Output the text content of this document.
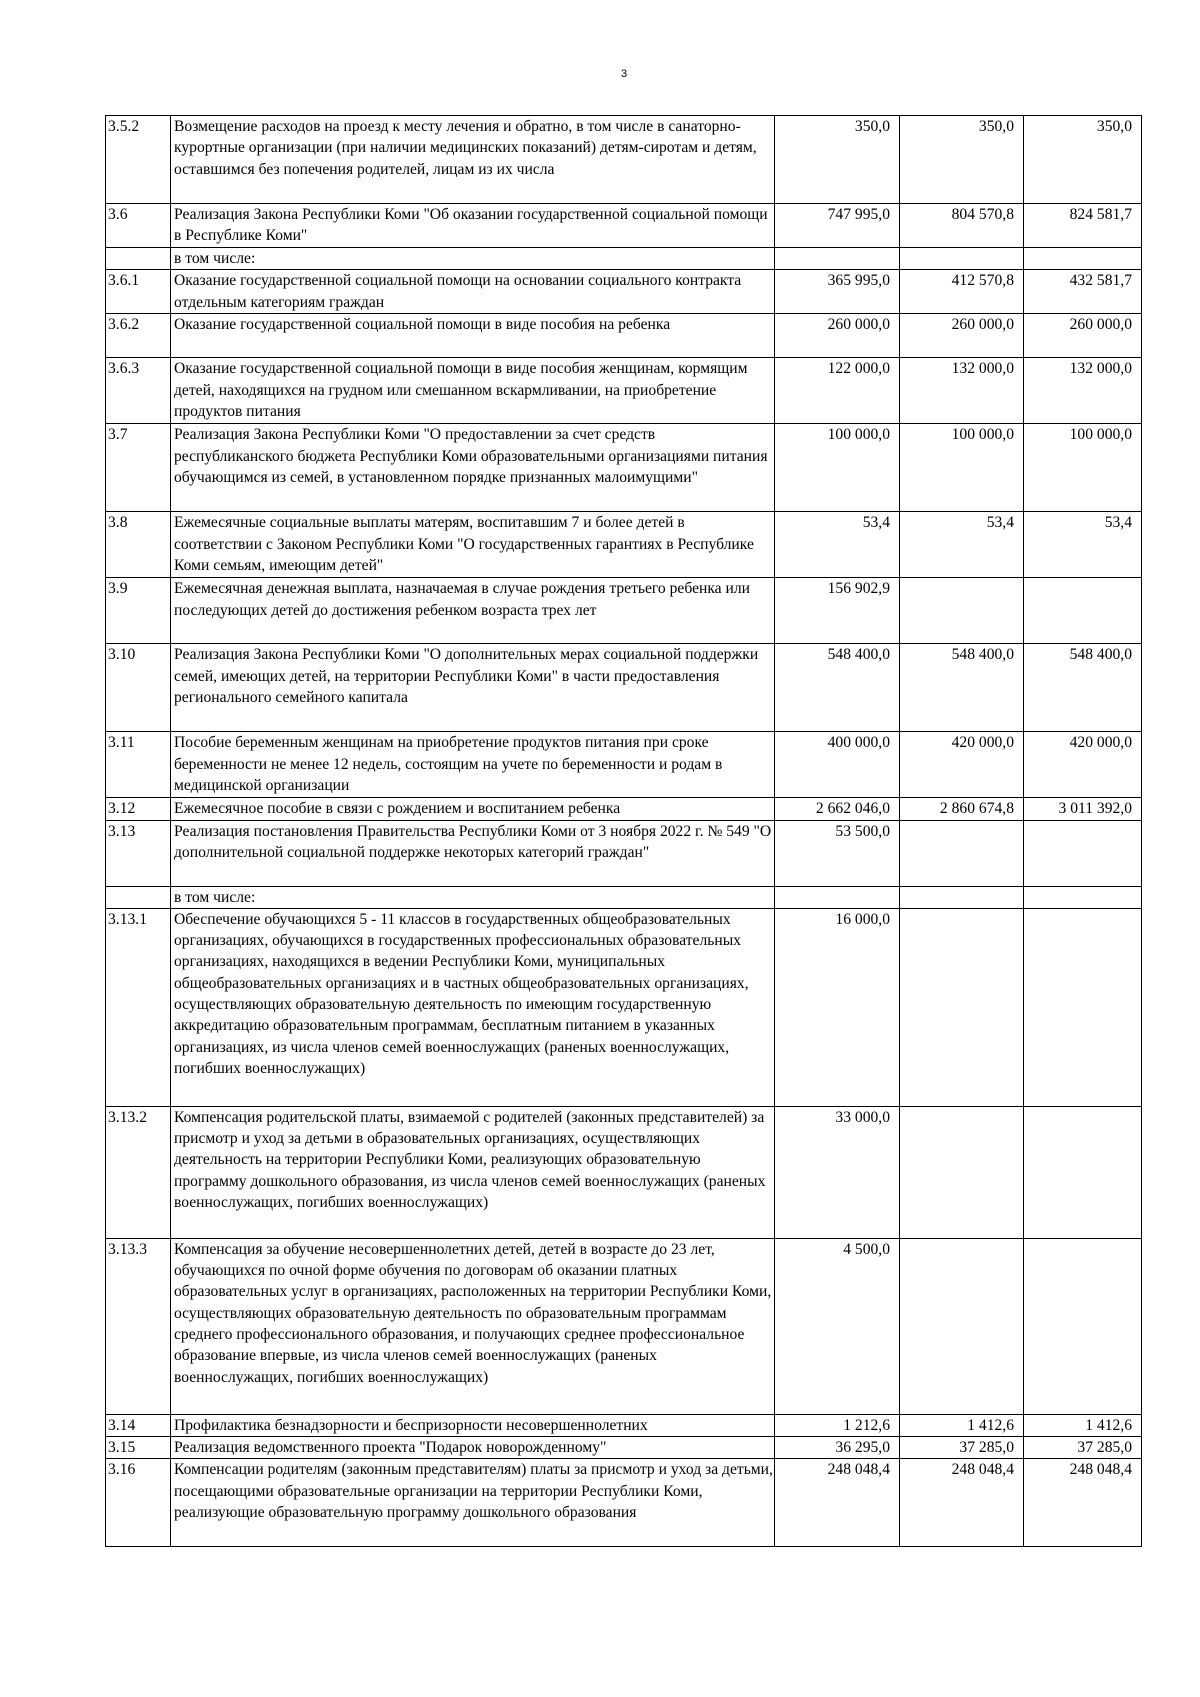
3
3.5.2	Возмещение расходов на проезд к месту лечения и обратно, в том числе в санаторно-курортные организации (при наличии медицинских показаний) детям-сиротам и детям, оставшимся без попечения родителей, лицам из их числа	350,0	350,0	350,0
3.6	Реализация Закона Республики Коми "Об оказании государственной социальной помощи в Республике Коми"	747 995,0	804 570,8	824 581,7
	в том числе:			
3.6.1	Оказание государственной социальной помощи на основании социального контракта отдельным категориям граждан	365 995,0	412 570,8	432 581,7
3.6.2	Оказание государственной социальной помощи в виде пособия на ребенка	260 000,0	260 000,0	260 000,0
3.6.3	Оказание государственной социальной помощи в виде пособия женщинам, кормящим детей, находящихся на грудном или смешанном вскармливании, на приобретение продуктов питания	122 000,0	132 000,0	132 000,0
3.7	Реализация Закона Республики Коми "О предоставлении за счет средств республиканского бюджета Республики Коми образовательными организациями питания обучающимся из семей, в установленном порядке признанных малоимущими"	100 000,0	100 000,0	100 000,0
3.8	Ежемесячные социальные выплаты матерям, воспитавшим 7 и более детей в соответствии с Законом Республики Коми "О государственных гарантиях в Республике Коми семьям, имеющим детей"	53,4	53,4	53,4
3.9	Ежемесячная денежная выплата, назначаемая в случае рождения третьего ребенка или последующих детей до достижения ребенком возраста трех лет	156 902,9		
3.10	Реализация Закона Республики Коми "О дополнительных мерах социальной поддержки семей, имеющих детей, на территории Республики Коми" в части предоставления регионального семейного капитала	548 400,0	548 400,0	548 400,0
3.11	Пособие беременным женщинам на приобретение продуктов питания при сроке беременности не менее 12 недель, состоящим на учете по беременности и родам в медицинской организации	400 000,0	420 000,0	420 000,0
3.12	Ежемесячное пособие в связи с рождением и воспитанием ребенка	2 662 046,0	2 860 674,8	3 011 392,0
3.13	Реализация постановления Правительства Республики Коми от 3 ноября 2022 г. № 549 "О дополнительной социальной поддержке некоторых категорий граждан"	53 500,0		
	в том числе:			
3.13.1	Обеспечение обучающихся 5 - 11 классов в государственных общеобразовательных организациях, обучающихся в государственных профессиональных образовательных организациях, находящихся в ведении Республики Коми, муниципальных общеобразовательных организациях и в частных общеобразовательных организациях, осуществляющих образовательную деятельность по имеющим государственную аккредитацию образовательным программам, бесплатным питанием в указанных организациях, из числа членов семей военнослужащих (раненых военнослужащих, погибших военнослужащих)	16 000,0		
3.13.2	Компенсация родительской платы, взимаемой с родителей (законных представителей) за присмотр и уход за детьми в образовательных организациях, осуществляющих деятельность на территории Республики Коми, реализующих образовательную программу дошкольного образования, из числа членов семей военнослужащих (раненых военнослужащих, погибших военнослужащих)	33 000,0		
3.13.3	Компенсация за обучение несовершеннолетних детей, детей в возрасте до 23 лет, обучающихся по очной форме обучения по договорам об оказании платных образовательных услуг в организациях, расположенных на территории Республики Коми, осуществляющих образовательную деятельность по образовательным программам среднего профессионального образования, и получающих среднее профессиональное образование впервые, из числа членов семей военнослужащих (раненых военнослужащих, погибших военнослужащих)	4 500,0		
3.14	Профилактика безнадзорности и беспризорности несовершеннолетних	1 212,6	1 412,6	1 412,6
3.15	Реализация ведомственного проекта "Подарок новорожденному"	36 295,0	37 285,0	37 285,0
3.16	Компенсации родителям (законным представителям) платы за присмотр и уход за детьми, посещающими образовательные организации на территории Республики Коми, реализующие образовательную программу дошкольного образования	248 048,4	248 048,4	248 048,4
